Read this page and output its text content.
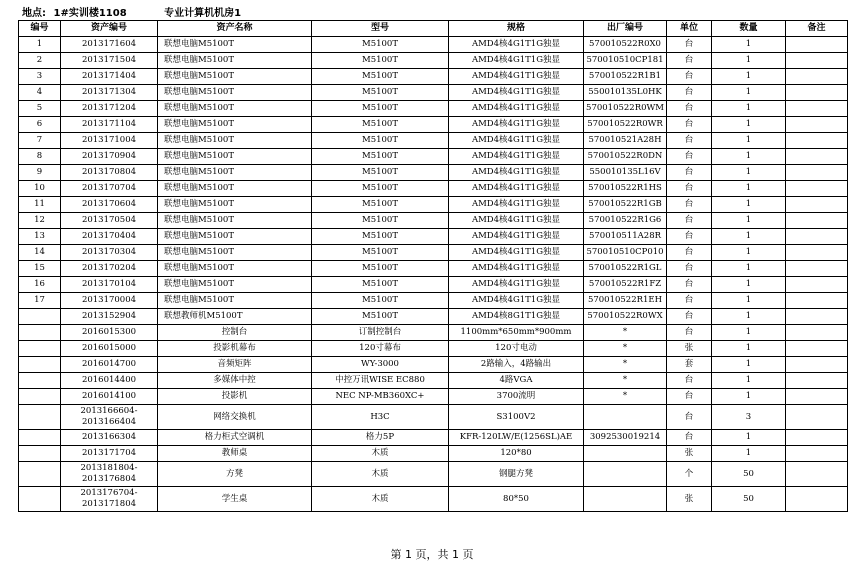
地点: 1#实训楼1108	专业计算机机房1
编号	资产编号	资产名称	型号	规格	出厂编号	单位	数量	备注
1	2013171604	联想电脑M5100T	M5100T	AMD4核4G1T1G独显	570010522R0X0	台	1	
2	2013171504	联想电脑M5100T	M5100T	AMD4核4G1T1G独显	570010510CP181	台	1	
3	2013171404	联想电脑M5100T	M5100T	AMD4核4G1T1G独显	570010522R1B1	台	1	
4	2013171304	联想电脑M5100T	M5100T	AMD4核4G1T1G独显	550010135L0HK	台	1	
5	2013171204	联想电脑M5100T	M5100T	AMD4核4G1T1G独显	570010522R0WM	台	1	
6	2013171104	联想电脑M5100T	M5100T	AMD4核4G1T1G独显	570010522R0WR	台	1	
7	2013171004	联想电脑M5100T	M5100T	AMD4核4G1T1G独显	570010521A28H	台	1	
8	2013170904	联想电脑M5100T	M5100T	AMD4核4G1T1G独显	570010522R0DN	台	1	
9	2013170804	联想电脑M5100T	M5100T	AMD4核4G1T1G独显	550010135L16V	台	1	
10	2013170704	联想电脑M5100T	M5100T	AMD4核4G1T1G独显	570010522R1HS	台	1	
11	2013170604	联想电脑M5100T	M5100T	AMD4核4G1T1G独显	570010522R1GB	台	1	
12	2013170504	联想电脑M5100T	M5100T	AMD4核4G1T1G独显	570010522R1G6	台	1	
13	2013170404	联想电脑M5100T	M5100T	AMD4核4G1T1G独显	570010511A28R	台	1	
14	2013170304	联想电脑M5100T	M5100T	AMD4核4G1T1G独显	570010510CP010	台	1	
15	2013170204	联想电脑M5100T	M5100T	AMD4核4G1T1G独显	570010522R1GL	台	1	
16	2013170104	联想电脑M5100T	M5100T	AMD4核4G1T1G独显	570010522R1FZ	台	1	
17	2013170004	联想电脑M5100T	M5100T	AMD4核4G1T1G独显	570010522R1EH	台	1	
	2013152904	联想教师机M5100T	M5100T	AMD4核8G1T1G独显	570010522R0WX	台	1	
	2016015300	控制台	订制控制台	1100mm*650mm*900mm	*	台	1	
	2016015000	投影机幕布	120寸幕布	120寸电动	*	张	1	
	2016014700	音频矩阵	WY-3000	2路输入，4路输出	*	套	1	
	2016014400	多媒体中控	中控万讯WISE EC880	4路VGA	*	台	1	
	2016014100	投影机	NEC NP-MB360XC+	3700流明	*	台	1	
	2013166604-2013166404	网络交换机	H3C	S3100V2		台	3	
	2013166304	格力柜式空调机	格力5P	KFR-120LW/E(1256SL)AE	3092530019214	台	1	
	2013171704	教师桌	木质	120*80		张	1	
	2013181804-2013176804	方凳	木质	钢腿方凳		个	50	
	2013176704-2013171804	学生桌	木质	80*50		张	50	
第 1 页，共 1 页
